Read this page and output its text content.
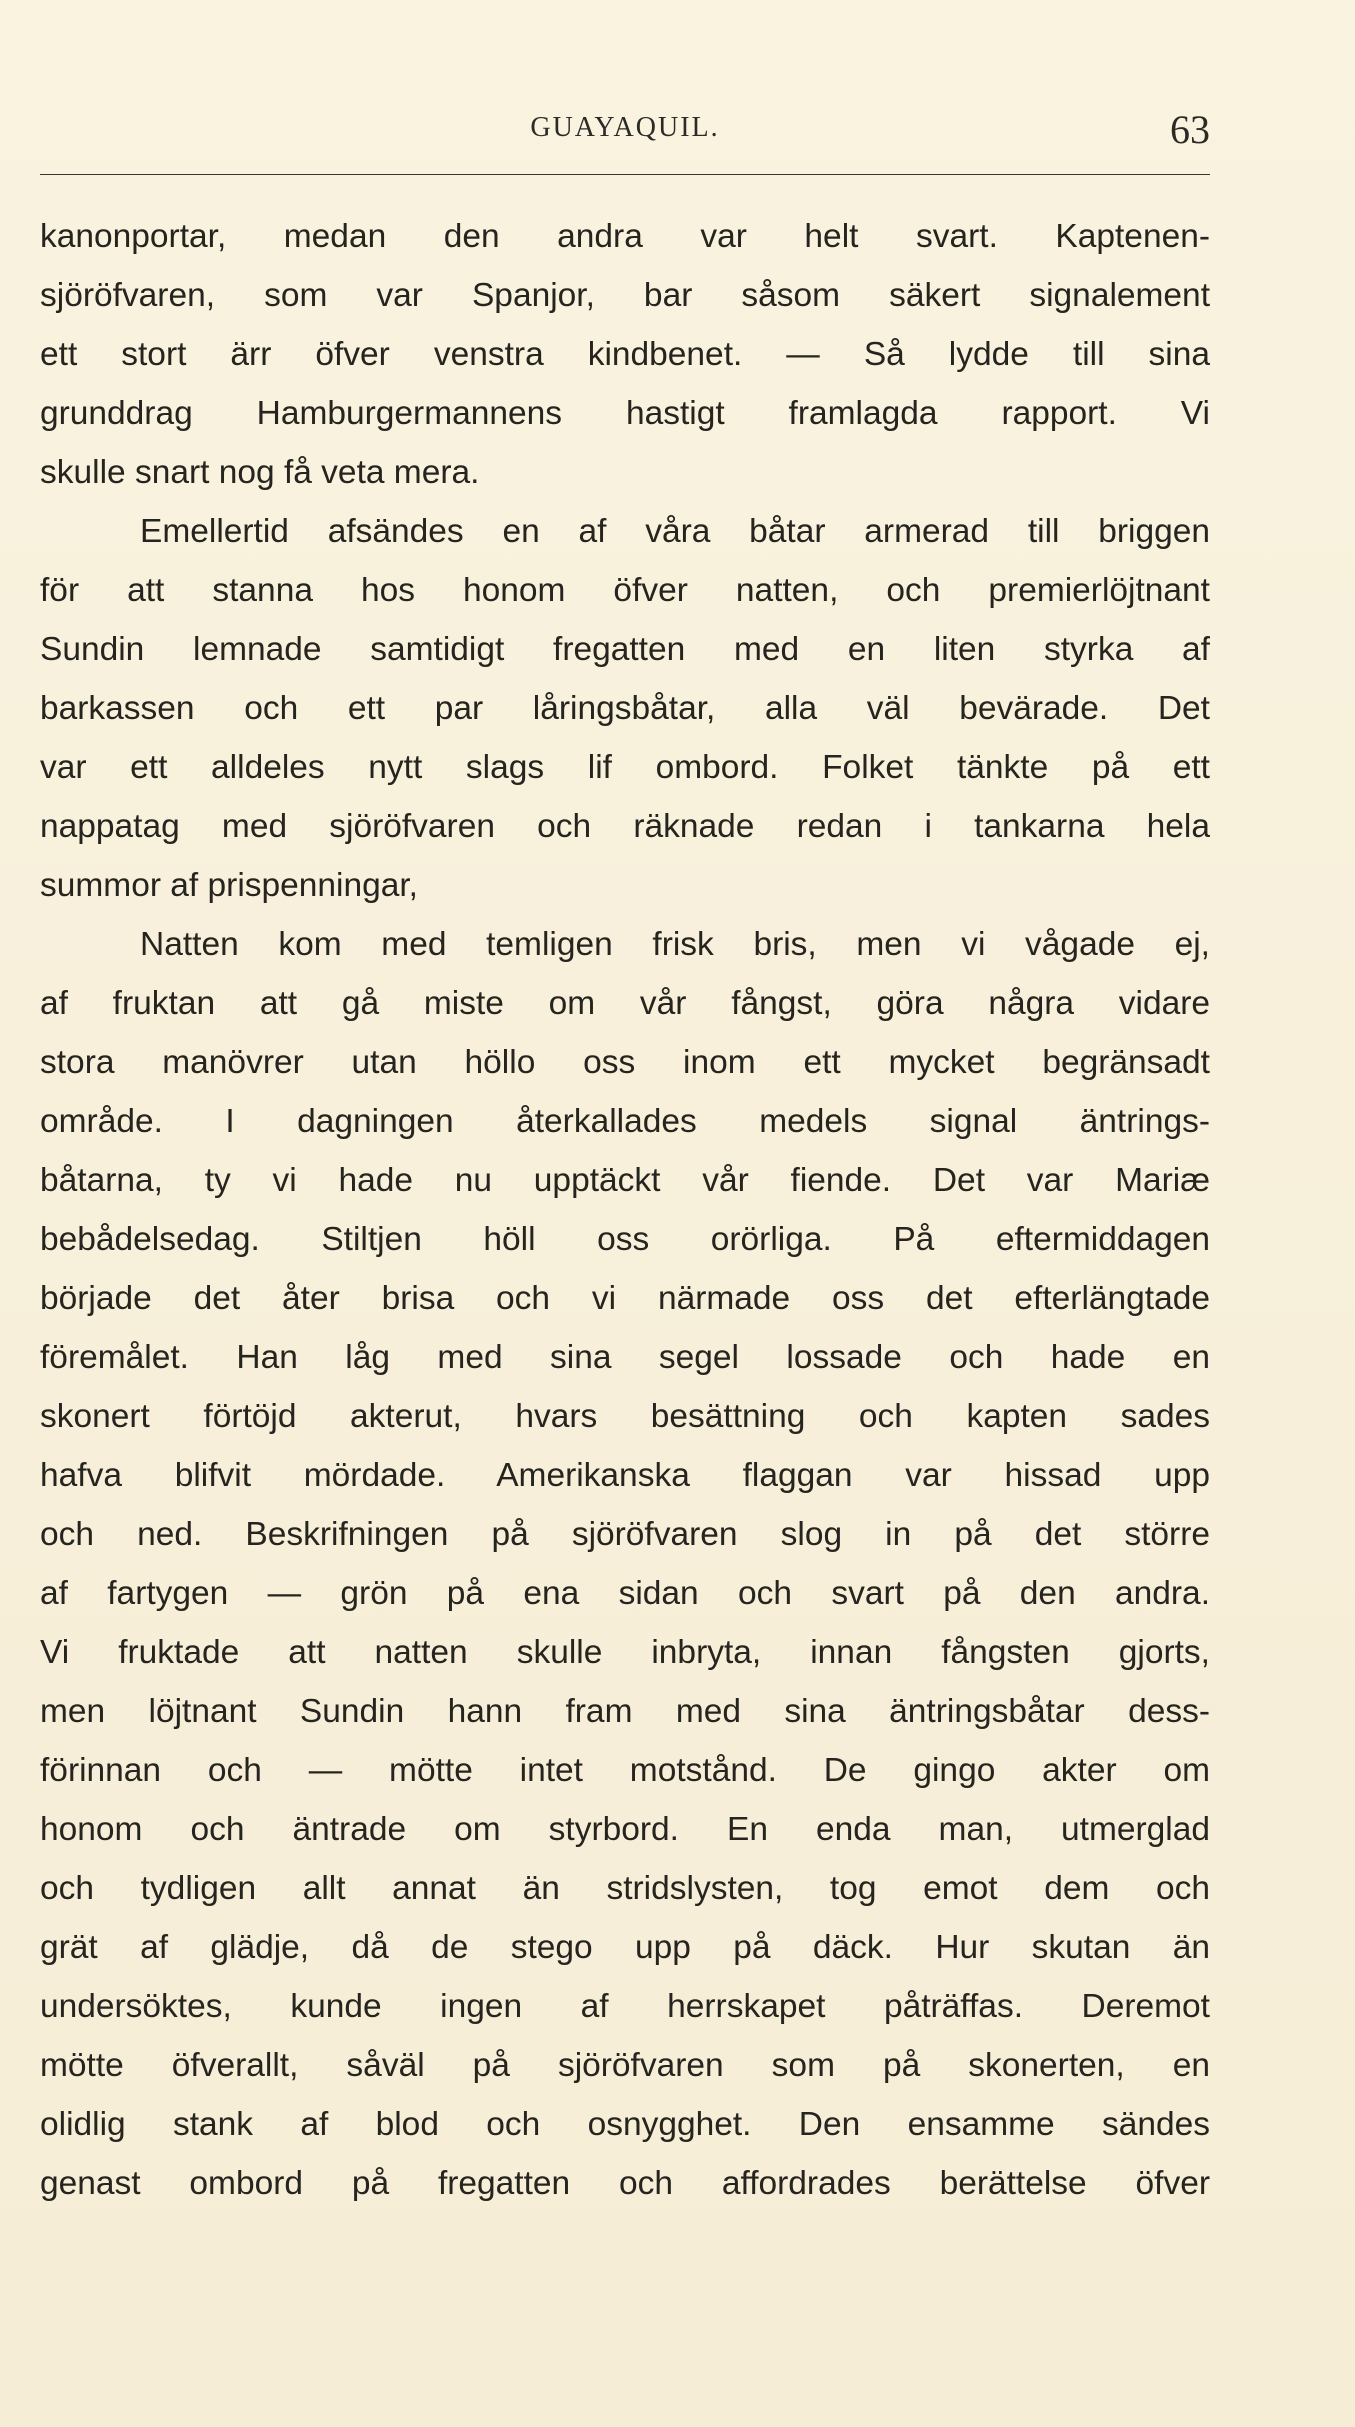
GUAYAQUIL.	63
kanonportar, medan den andra var helt svart. Kaptenen-
sjöröfvaren, som var Spanjor, bar såsom säkert signalement
ett stort ärr öfver venstra kindbenet. — Så lydde till sina
grunddrag Hamburgermannens hastigt framlagda rapport. Vi
skulle snart nog få veta mera.
Emellertid afsändes en af våra båtar armerad till briggen
för att stanna hos honom öfver natten, och premierlöjtnant
Sundin lemnade samtidigt fregatten med en liten styrka af
barkassen och ett par låringsbåtar, alla väl bevärade. Det
var ett alldeles nytt slags lif ombord. Folket tänkte på ett
nappatag med sjöröfvaren och räknade redan i tankarna hela
summor af prispenningar,
Natten kom med temligen frisk bris, men vi vågade ej,
af fruktan att gå miste om vår fångst, göra några vidare
stora manövrer utan höllo oss inom ett mycket begränsadt
område. I dagningen återkallades medels signal äntrings-
båtarna, ty vi hade nu upptäckt vår fiende. Det var Mariæ
bebådelsedag. Stiltjen höll oss orörliga. På eftermiddagen
började det åter brisa och vi närmade oss det efterlängtade
föremålet. Han låg med sina segel lossade och hade en
skonert förtöjd akterut, hvars besättning och kapten sades
hafva blifvit mördade. Amerikanska flaggan var hissad upp
och ned. Beskrifningen på sjöröfvaren slog in på det större
af fartygen — grön på ena sidan och svart på den andra.
Vi fruktade att natten skulle inbryta, innan fångsten gjorts,
men löjtnant Sundin hann fram med sina äntringsbåtar dess-
förinnan och — mötte intet motstånd. De gingo akter om
honom och äntrade om styrbord. En enda man, utmerglad
och tydligen allt annat än stridslysten, tog emot dem och
grät af glädje, då de stego upp på däck. Hur skutan än
undersöktes, kunde ingen af herrskapet påträffas. Deremot
mötte öfverallt, såväl på sjöröfvaren som på skonerten, en
olidlig stank af blod och osnygghet. Den ensamme sändes
genast ombord på fregatten och affordrades berättelse öfver
